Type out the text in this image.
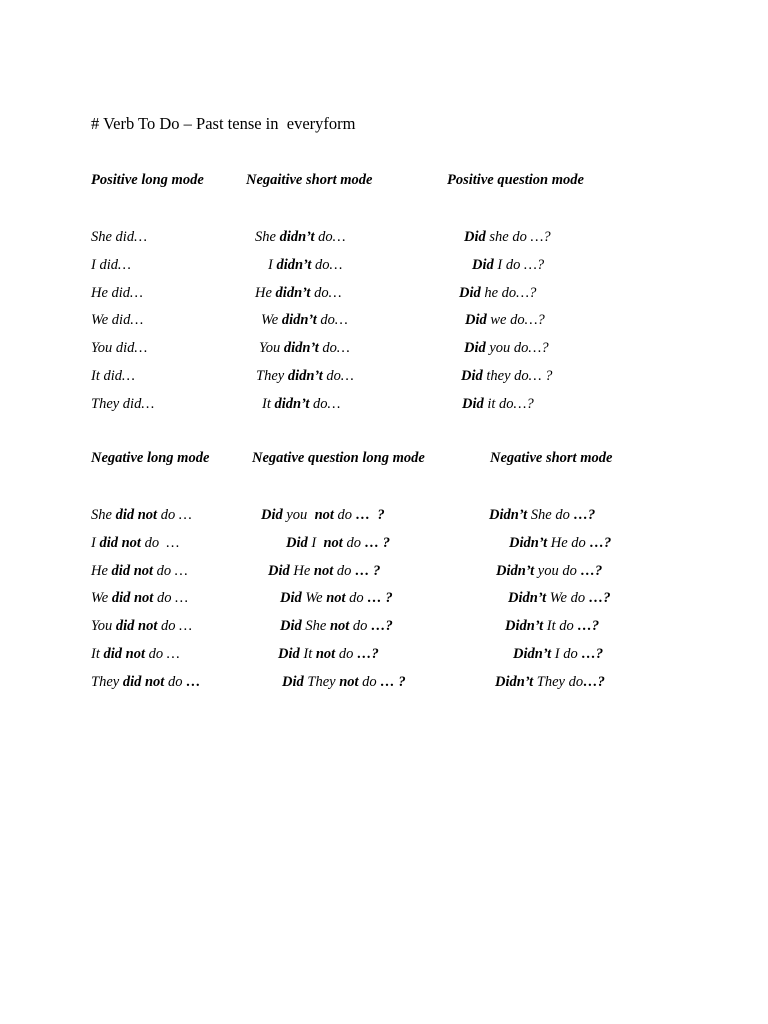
# Verb To Do – Past tense in  everyform
Positive long mode	Negaitive short mode	Positive question mode
She did…	She didn’t do…	Did she do …?
I did…	I didn’t do…	Did I do …?
He did…	He didn’t do…	Did he do…?
We did…	We didn’t do…	Did we do…?
You did…	You didn’t do…	Did you do…?
It did…	They didn’t do…	Did they do… ?
They did…	It didn’t do…	Did it do…?
Negative long mode	Negative question long mode	Negative short mode
She did not do …	Did you  not do …  ?	Didn’t She do …?
I did not do  …	Did I  not do … ?	Didn’t He do …?
He did not do …	Did He not do … ?	Didn’t you do …?
We did not do …	Did We not do … ?	Didn’t We do …?
You did not do …	Did She not do …?	Didn’t It do …?
It did not do …	Did It not do …?	Didn’t I do …?
They did not do …	Did They not do … ?	Didn’t They do…?
